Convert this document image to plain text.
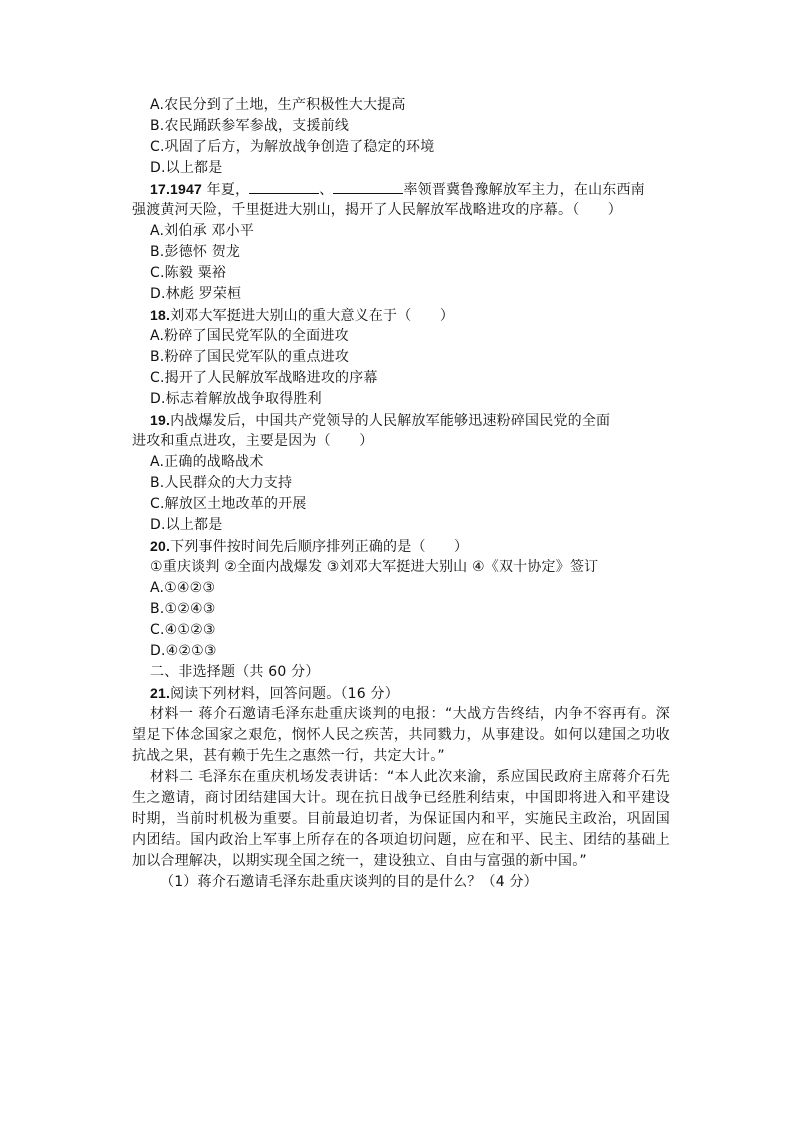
A.农民分到了土地，生产积极性大大提高
B.农民踊跃参军参战，支援前线
C.巩固了后方，为解放战争创造了稳定的环境
D.以上都是
17.1947 年夏，	、	率领晋冀鲁豫解放军主力，在山东西南
强渡黄河天险，千里挺进大别山，揭开了人民解放军战略进攻的序幕。（　　）
A.刘伯承 邓小平
B.彭德怀 贺龙
C.陈毅 粟裕
D.林彪 罗荣桓
18.刘邓大军挺进大别山的重大意义在于（　　）
A.粉碎了国民党军队的全面进攻
B.粉碎了国民党军队的重点进攻
C.揭开了人民解放军战略进攻的序幕
D.标志着解放战争取得胜利
19.内战爆发后，中国共产党领导的人民解放军能够迅速粉碎国民党的全面
进攻和重点进攻，主要是因为（　　）
A.正确的战略战术
B.人民群众的大力支持
C.解放区土地改革的开展
D.以上都是
20.下列事件按时间先后顺序排列正确的是（　　）
①重庆谈判 ②全面内战爆发 ③刘邓大军挺进大别山 ④《双十协定》签订
A.①④②③
B.①②④③
C.④①②③
D.④②①③
二、非选择题（共 60 分）
21.阅读下列材料，回答问题。（16 分）
材料一 蒋介石邀请毛泽东赴重庆谈判的电报：“大战方告终结，内争不容再有。深望足下体念国家之艰危，悯怀人民之疾苦，共同戮力，从事建设。如何以建国之功收抗战之果，甚有赖于先生之惠然一行，共定大计。”
材料二 毛泽东在重庆机场发表讲话：“本人此次来渝，系应国民政府主席蒋介石先生之邀请，商讨团结建国大计。现在抗日战争已经胜利结束，中国即将进入和平建设时期，当前时机极为重要。目前最迫切者，为保证国内和平，实施民主政治，巩固国内团结。国内政治上军事上所存在的各项迫切问题，应在和平、民主、团结的基础上加以合理解决，以期实现全国之统一，建设独立、自由与富强的新中国。”
（1）蒋介石邀请毛泽东赴重庆谈判的目的是什么？（4 分）
